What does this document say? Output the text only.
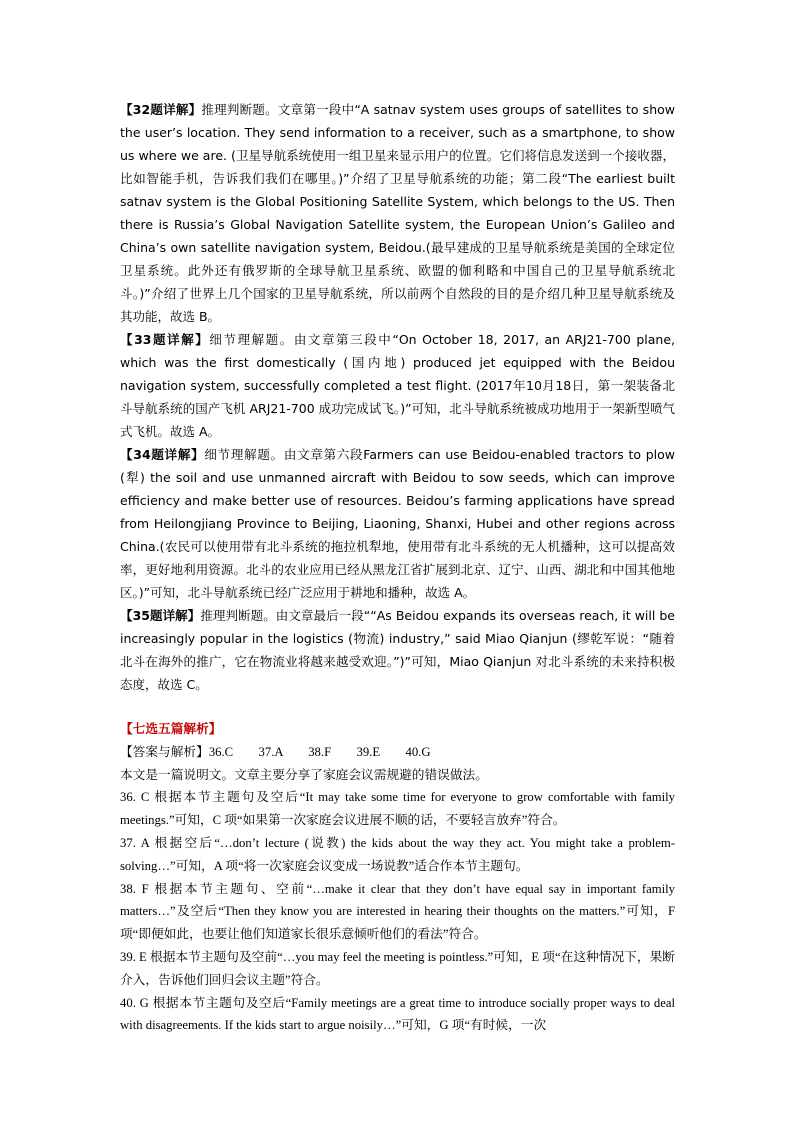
【32题详解】推理判断题。文章第一段中“A satnav system uses groups of satellites to show the user’s location. They send information to a receiver, such as a smartphone, to show us where we are. (卫星导航系统使用一组卫星来显示用户的位置。它们将信息发送到一个接收器，比如智能手机，告诉我们我们在哪里。)”介绍了卫星导航系统的功能；第二段“The earliest built satnav system is the Global Positioning Satellite System, which belongs to the US. Then there is Russia’s Global Navigation Satellite system, the European Union’s Galileo and China’s own satellite navigation system, Beidou.(最早建成的卫星导航系统是美国的全球定位卫星系统。此外还有俄罗斯的全球导航卫星系统、欧盟的伽利略和中国自己的卫星导航系统北斗。)”介绍了世界上几个国家的卫星导航系统，所以前两个自然段的目的是介绍几种卫星导航系统及其功能，故选 B。

【33题详解】细节理解题。由文章第三段中“On October 18, 2017, an ARJ21-700 plane, which was the first domestically (国内地) produced jet equipped with the Beidou navigation system, successfully completed a test flight. (2017年10月18日，第一架装备北斗导航系统的国产飞机 ARJ21-700 成功完成试飞。)”可知，北斗导航系统被成功地用于一架新型喷气式飞机。故选 A。

【34题详解】细节理解题。由文章第六段Farmers can use Beidou-enabled tractors to plow (犁) the soil and use unmanned aircraft with Beidou to sow seeds, which can improve efficiency and make better use of resources. Beidou’s farming applications have spread from Heilongjiang Province to Beijing, Liaoning, Shanxi, Hubei and other regions across China.(农民可以使用带有北斗系统的拖拉机犁地，使用带有北斗系统的无人机播种，这可以提高效率，更好地利用资源。北斗的农业应用已经从黑龙江省扩展到北京、辽宁、山西、湖北和中国其他地区。)”可知，北斗导航系统已经广泛应用于耕地和播种，故选 A。

【35题详解】推理判断题。由文章最后一段““As Beidou expands its overseas reach, it will be increasingly popular in the logistics (物流) industry,” said Miao Qianjun (缪乾军说：“随着北斗在海外的推广，它在物流业将越来越受欢迎。”)”可知，Miao Qianjun 对北斗系统的未来持积极态度，故选 C。

【七选五篇解析】

【答案与解析】36.C　　37.A　　38.F　　39.E　　40.G

本文是一篇说明文。文章主要分享了家庭会议需规避的错误做法。

36. C 根据本节主题句及空后“It may take some time for everyone to grow comfortable with family meetings.”可知，C 项“如果第一次家庭会议进展不顺的话，不要轻言放弃”符合。

37. A 根据空后“…don’t lecture (说教) the kids about the way they act. You might take a problem-solving…”可知，A 项“将一次家庭会议变成一场说教”适合作本节主题句。

38. F 根据本节主题句、空前“…make it clear that they don’t have equal say in important family matters…”及空后“Then they know you are interested in hearing their thoughts on the matters.”可知，F 项“即便如此，也要让他们知道家长很乐意倾听他们的看法”符合。

39. E 根据本节主题句及空前“…you may feel the meeting is pointless.”可知，E 项“在这种情况下，果断介入，告诉他们回归会议主题”符合。

40. G 根据本节主题句及空后“Family meetings are a great time to introduce socially proper ways to deal with disagreements. If the kids start to argue noisily…”可知，G 项“有时候，一次
